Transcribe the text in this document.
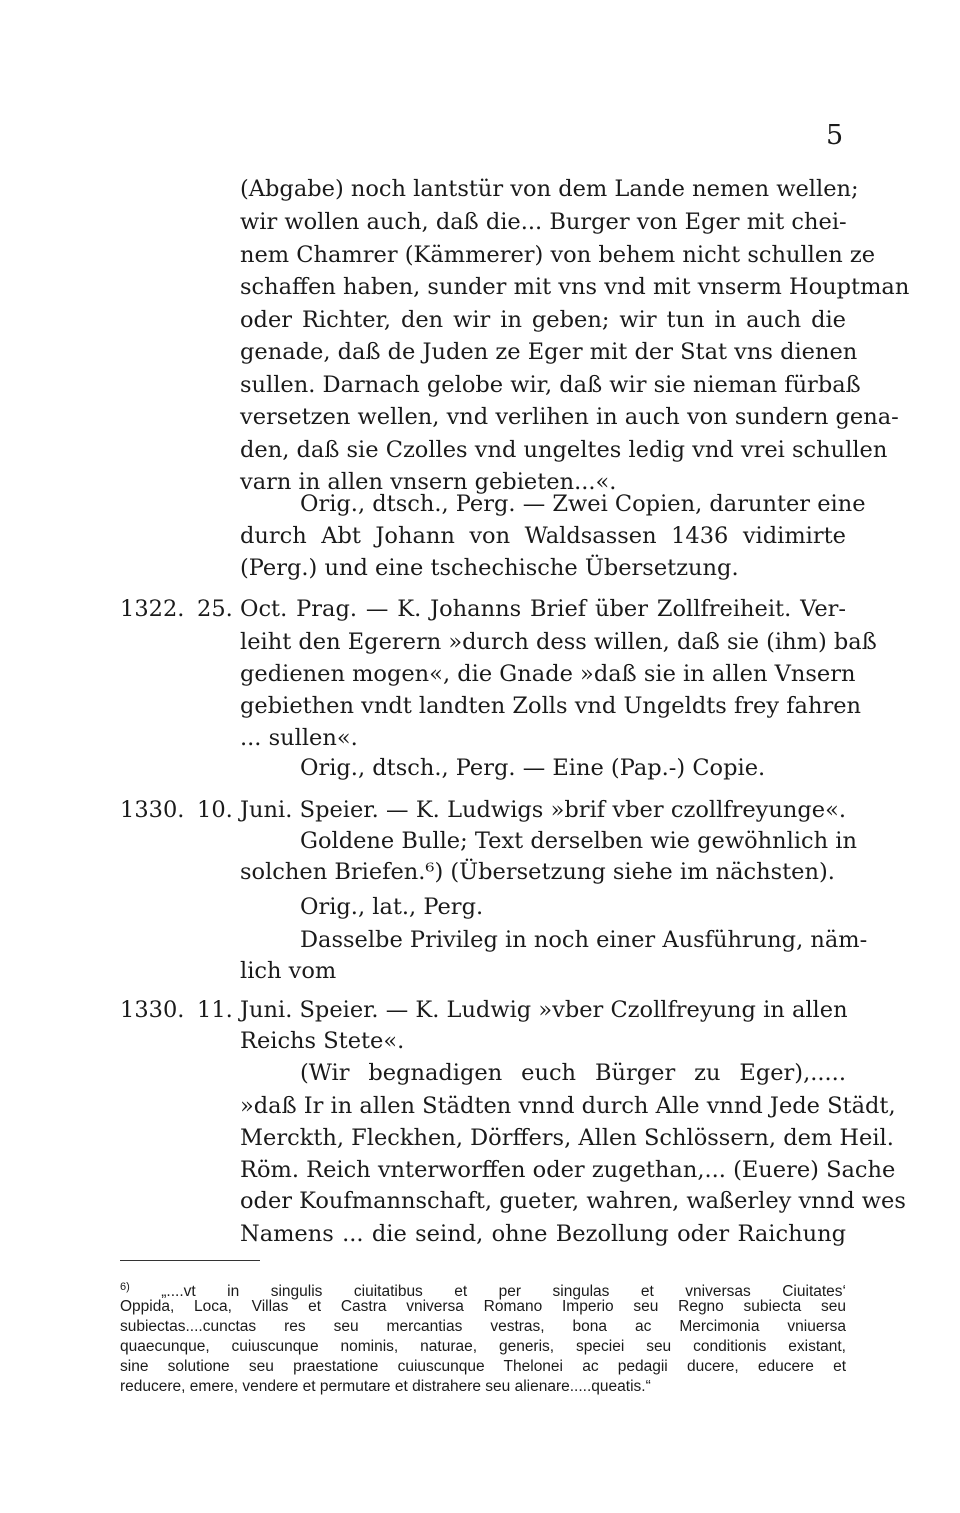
5
(Abgabe) noch lantstür von dem Lande nemen wellen;
wir wollen auch, daß die... Burger von Eger mit chei-
nem Chamrer (Kämmerer) von behem nicht schullen ze
schaffen haben, sunder mit vns vnd mit vnserm Houptman
oder Richter, den wir in geben; wir tun in auch die
genade, daß de Juden ze Eger mit der Stat vns dienen
sullen. Darnach gelobe wir, daß wir sie nieman fürbaß
versetzen wellen, vnd verlihen in auch von sundern gena-
den, daß sie Czolles vnd ungeltes ledig vnd vrei schullen
varn in allen vnsern gebieten...«.
Orig., dtsch., Perg. — Zwei Copien, darunter eine
durch Abt Johann von Waldsassen 1436 vidimirte
(Perg.) und eine tschechische Übersetzung.
1322. 25. Oct. Prag. — K. Johanns Brief über Zollfreiheit. Ver-
leiht den Egerern »durch dess willen, daß sie (ihm) baß
gedienen mogen«, die Gnade »daß sie in allen Vnsern
gebiethen vndt landten Zolls vnd Ungeldts frey fahren
... sullen«.
Orig., dtsch., Perg. — Eine (Pap.-) Copie.
1330. 10. Juni. Speier. — K. Ludwigs »brif vber czollfreyunge«.
Goldene Bulle; Text derselben wie gewöhnlich in
solchen Briefen.⁶) (Übersetzung siehe im nächsten).
Orig., lat., Perg.
Dasselbe Privileg in noch einer Ausführung, näm-
lich vom
1330. 11. Juni. Speier. — K. Ludwig »vber Czollfreyung in allen
Reichs Stete«.
(Wir begnadigen euch Bürger zu Eger),.....
»daß Ir in allen Städten vnnd durch Alle vnnd Jede Städt,
Merckth, Fleckhen, Dörffers, Allen Schlössern, dem Heil.
Röm. Reich vnterworffen oder zugethan,... (Euere) Sache
oder Koufmannschaft, gueter, wahren, waßerley vnnd wes
Namens ... die seind, ohne Bezollung oder Raichung
$^{6)}$ „....vt in singulis ciuitatibus et per singulas et vniversas Ciuitates‘
Oppida, Loca, Villas et Castra vniversa Romano Imperio seu Regno subiecta seu
subiectas....cunctas res seu mercantias vestras, bona ac Mercimonia vniuersa
quaecunque, cuiuscunque nominis, naturae, generis, speciei seu conditionis existant,
sine solutione seu praestatione cuiuscunque Thelonei ac pedagii ducere, educere et
reducere, emere, vendere et permutare et distrahere seu alienare.....queatis.“
